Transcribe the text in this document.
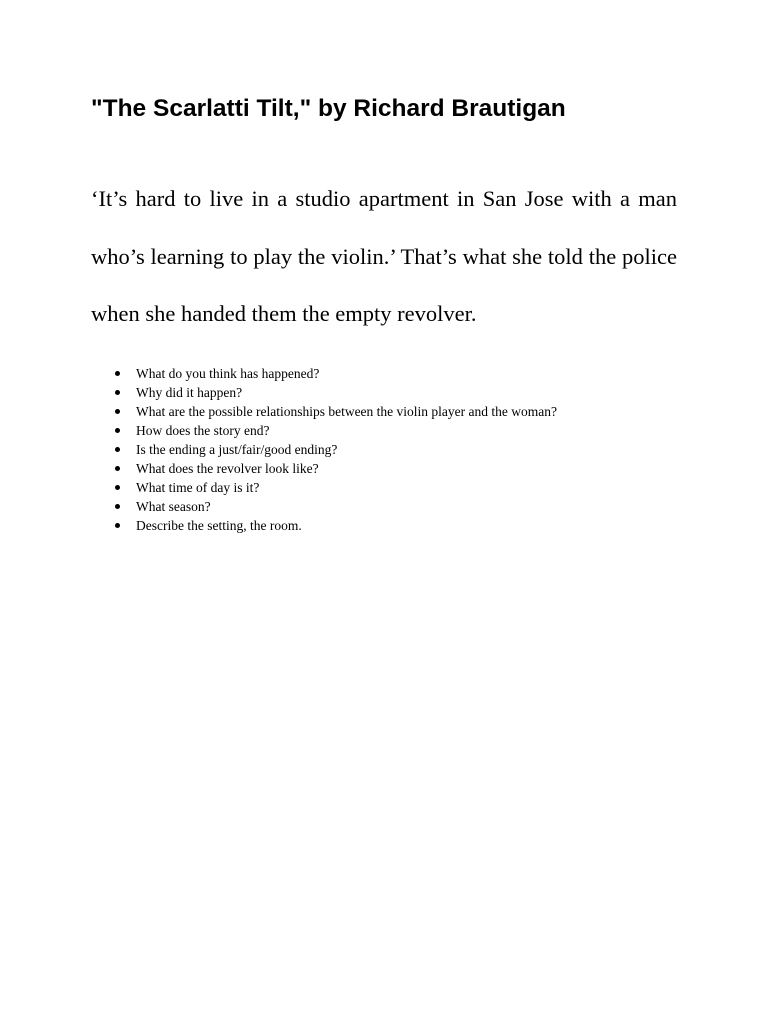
"The Scarlatti Tilt," by Richard Brautigan

‘It’s hard to live in a studio apartment in San Jose with a man who’s learning to play the violin.’ That’s what she told the police when she handed them the empty revolver.

What do you think has happened?
Why did it happen?
What are the possible relationships between the violin player and the woman?
How does the story end?
Is the ending a just/fair/good ending?
What does the revolver look like?
What time of day is it?
What season?
Describe the setting, the room.
